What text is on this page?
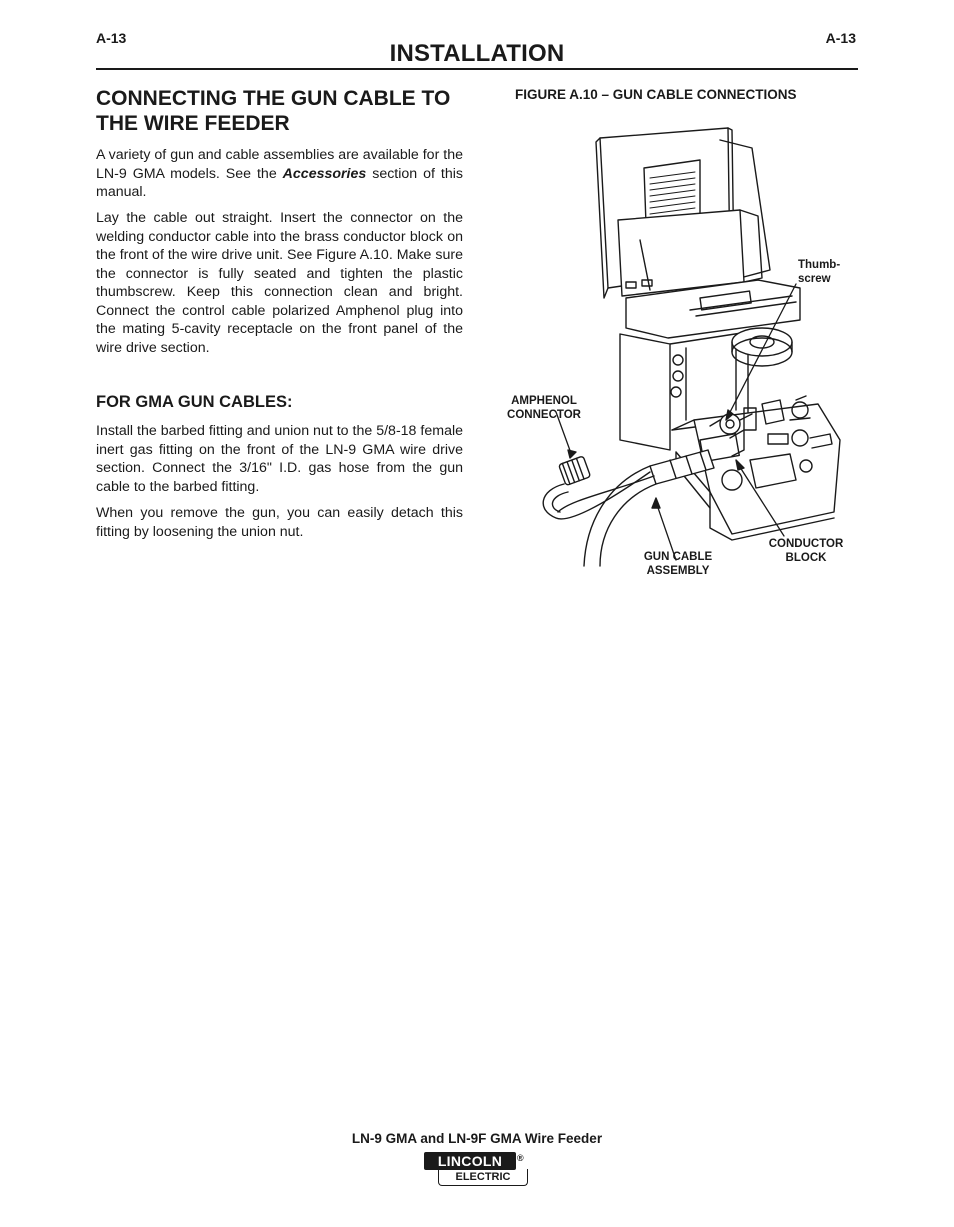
A-13	A-13
INSTALLATION
CONNECTING THE GUN CABLE TO
THE WIRE FEEDER
A variety of gun and cable assemblies are available for the LN-9 GMA models. See the Accessories section of this manual.
Lay the cable out straight. Insert the connector on the welding conductor cable into the brass conductor block on the front of the wire drive unit. See Figure A.10. Make sure the connector is fully seated and tighten the plastic thumbscrew. Keep this connection clean and bright. Connect the control cable polarized Amphenol plug into the mating 5-cavity receptacle on the front panel of the wire drive section.
FOR GMA GUN CABLES:
Install the barbed fitting and union nut to the 5/8-18 female inert gas fitting on the front of the LN-9 GMA wire drive section. Connect the 3/16" I.D. gas hose from the gun cable to the barbed fitting.
When you remove the gun, you can easily detach this fitting by loosening the union nut.
FIGURE A.10 – GUN CABLE CONNECTIONS
Thumb-
screw
AMPHENOL
CONNECTOR
GUN CABLE
ASSEMBLY
CONDUCTOR
BLOCK
LN-9 GMA and LN-9F GMA Wire Feeder
LINCOLN	®
ELECTRIC
